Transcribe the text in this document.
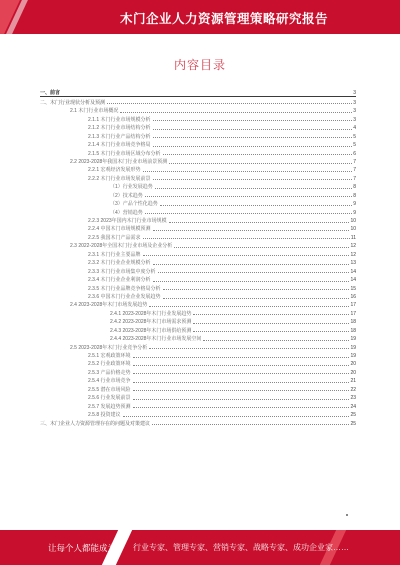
木门企业人力资源管理策略研究报告
内容目录
一、前言	3
二、木门行业现状分析及预测	3
2.1 木门行业市场概况	3
2.1.1 木门行业市场规模分析	3
2.1.2 木门行业市场结构分析	4
2.1.3 木门行业产品结构分析	5
2.1.4 木门行业市场竞争格局	5
2.1.5 木门行业市场区域分布分析	6
2.2 2023-2028年我国木门行业市场前景预测	7
2.2.1 宏观经济发展形势	7
2.2.2 木门行业市场发展前景	7
（1）行业发展趋势	8
（2）技术趋势	8
（3）产品个性化趋势	9
（4）营销趋势	9
2.2.3 2023年国内木门行业市场规模	10
2.2.4 中国木门市场规模预测	10
2.2.5 我国木门产品需求	11
2.3 2022-2028年全国木门行业市场及企业分析	12
2.3.1 木门行业主要品牌	12
2.3.2 木门行业企业规模分析	13
2.3.3 木门行业市场集中度分析	14
2.3.4 木门行业企业利润分析	14
2.3.5 木门行业品牌竞争格局分析	15
2.3.6 中国木门行业企业发展趋势	16
2.4 2023-2028年木门市场发展趋势	17
2.4.1 2023-2028年木门行业发展趋势	17
2.4.2 2023-2028年木门市场需求预测	18
2.4.3 2023-2028年木门市场供给预测	18
2.4.4 2023-2028年木门行业市场发展空间	19
2.5 2023-2028年木门行业竞争分析	19
2.5.1 宏观政策环境	19
2.5.2 行业政策环境	20
2.5.3 产品价格走势	20
2.5.4 行业市场竞争	21
2.5.5 潜在市场风险	22
2.5.6 行业发展前景	23
2.5.7 发展趋势预测	24
2.5.8 投资建议	25
三、木门企业人力资源管理存在的问题及对策建议	25
让每个人都能成为 行业专家、管理专家、营销专家、战略专家、成功企业家……
